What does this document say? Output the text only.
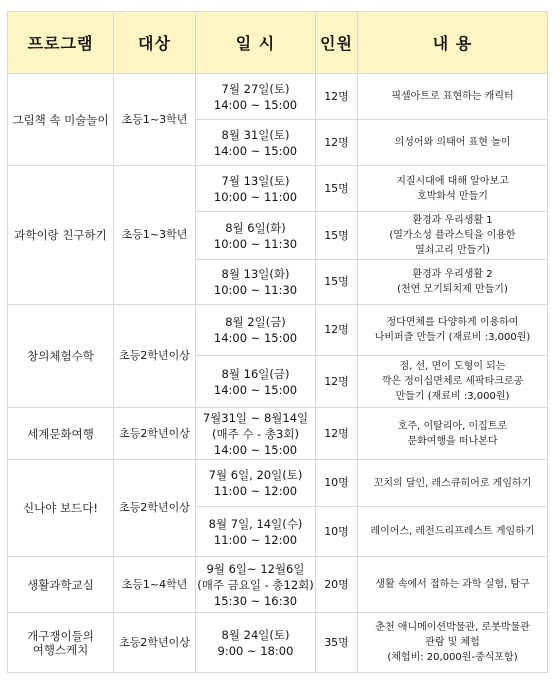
프로그램	대상	일 시	인원	내 용

그림책 속 미술놀이	초등1~3학년	7월 27일(토)
14:00 ~ 15:00	12명	픽셀아트로 표현하는 캐릭터

		8월 31일(토)
14:00 ~ 15:00	12명	의성어와 의태어 표현 놀이

과학이랑 친구하기	초등1~3학년	7월 13일(토)
10:00 ~ 11:00	15명	지질시대에 대해 알아보고
호박화석 만들기

		8월 6일(화)
10:00 ~ 11:30	15명	환경과 우리생활 1
(열가소성 플라스틱을 이용한
열쇠고리 만들기)

		8월 13일(화)
10:00 ~ 11:30	15명	환경과 우리생활 2
(천연 모기퇴치제 만들기)

창의체험수학	초등2학년이상	8월 2일(금)
14:00 ~ 15:00	12명	정다면체를 다양하게 이용하여
나비퍼즐 만들기 (재료비 :3,000원)

		8월 16일(금)
14:00 ~ 15:00	12명	점, 선, 면이 도형이 되는
깍은 정이십면체로 세팍타크로공
만들기 (재료비 :3,000원)

세계문화여행	초등2학년이상	7월31일 ~ 8월14일
(매주 수 - 총3회)
14:00 ~ 15:00	12명	호주, 이탈리아, 이집트로
문화여행을 떠나본다

신나야 보드다!	초등2학년이상	7월 6일, 20일(토)
11:00 ~ 12:00	10명	꼬치의 달인, 레스큐히어로 게임하기

		8월 7일, 14일(수)
11:00 ~ 12:00	10명	레이어스, 레전드리프레스트 게임하기

생활과학교실	초등1~4학년	9월 6일~ 12월6일
(매주 금요일 - 총12회)
15:30 ~ 16:30	20명	생활 속에서 접하는 과학 실험, 탐구

개구쟁이들의
여행스케치	초등2학년이상	8월 24일(토)
9:00 ~ 18:00	35명	춘천 애니메이션박물관, 로봇박물관
관람 및 체험
(체험비: 20,000원-중식포함)
